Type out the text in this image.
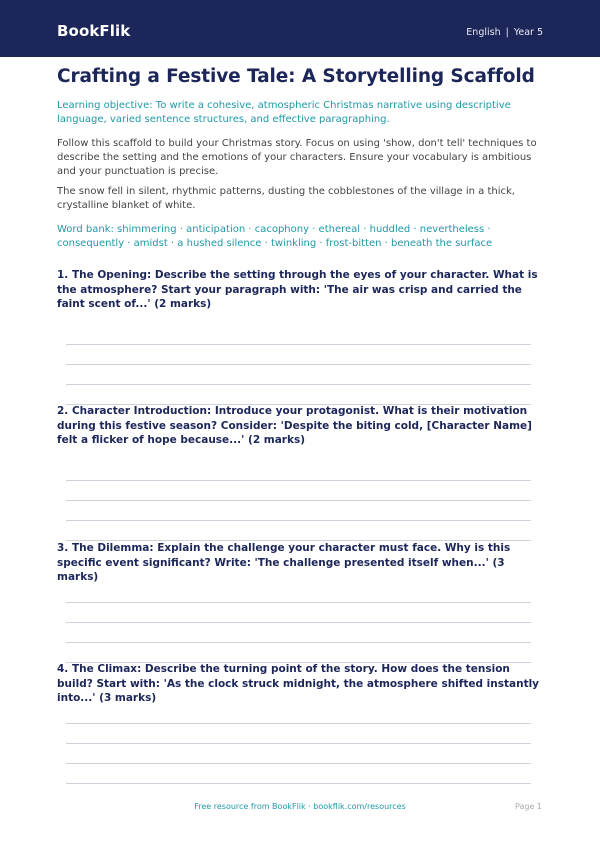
BookFlik	English | Year 5
Crafting a Festive Tale: A Storytelling Scaffold

Learning objective: To write a cohesive, atmospheric Christmas narrative using descriptive language, varied sentence structures, and effective paragraphing.

Follow this scaffold to build your Christmas story. Focus on using 'show, don't tell' techniques to describe the setting and the emotions of your characters. Ensure your vocabulary is ambitious and your punctuation is precise.

The snow fell in silent, rhythmic patterns, dusting the cobblestones of the village in a thick, crystalline blanket of white.

Word bank: shimmering · anticipation · cacophony · ethereal · huddled · nevertheless · consequently · amidst · a hushed silence · twinkling · frost-bitten · beneath the surface

1. The Opening: Describe the setting through the eyes of your character. What is the atmosphere? Start your paragraph with: 'The air was crisp and carried the faint scent of...' (2 marks)

2. Character Introduction: Introduce your protagonist. What is their motivation during this festive season? Consider: 'Despite the biting cold, [Character Name] felt a flicker of hope because...' (2 marks)

3. The Dilemma: Explain the challenge your character must face. Why is this specific event significant? Write: 'The challenge presented itself when...' (3 marks)

4. The Climax: Describe the turning point of the story. How does the tension build? Start with: 'As the clock struck midnight, the atmosphere shifted instantly into...' (3 marks)

Free resource from BookFlik · bookflik.com/resources	Page 1
